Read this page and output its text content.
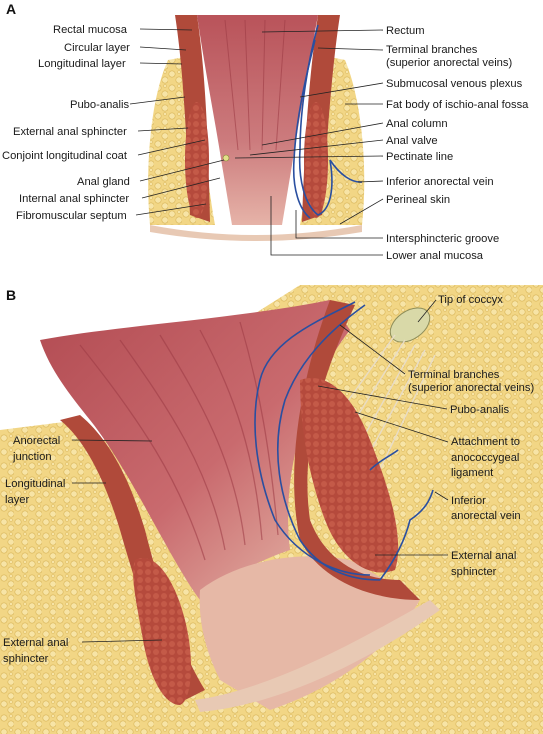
A
Rectal mucosa
Circular layer
Longitudinal layer
Pubo-analis
External anal sphincter
Conjoint longitudinal coat
Anal gland
Internal anal sphincter
Fibromuscular septum
Rectum
Terminal branches
(superior anorectal veins)
Submucosal venous plexus
Fat body of ischio-anal fossa
Anal column
Anal valve
Pectinate line
Inferior anorectal vein
Perineal skin
Intersphincteric groove
Lower anal mucosa
B	Tip of coccyx
Terminal branches
(superior anorectal veins)
Pubo-analis
Attachment to
anococcygeal
ligament
Inferior
anorectal vein
External anal
sphincter
Anorectal
junction
Longitudinal
layer
External anal
sphincter
